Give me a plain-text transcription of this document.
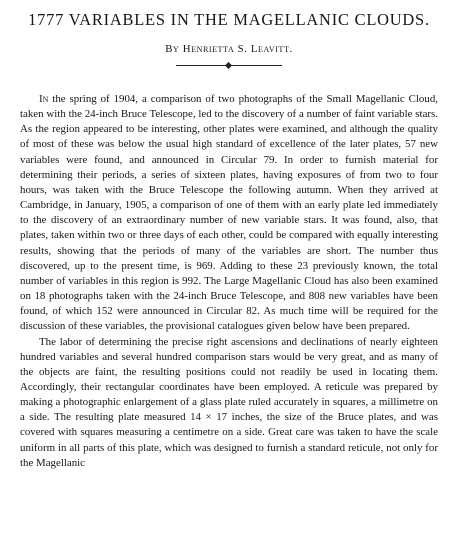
1777 VARIABLES IN THE MAGELLANIC CLOUDS.
By Henrietta S. Leavitt.

In the spring of 1904, a comparison of two photographs of the Small Magellanic Cloud, taken with the 24-inch Bruce Telescope, led to the discovery of a number of faint variable stars. As the region appeared to be interesting, other plates were examined, and although the quality of most of these was below the usual high standard of excellence of the later plates, 57 new variables were found, and announced in Circular 79. In order to furnish material for determining their periods, a series of sixteen plates, having exposures of from two to four hours, was taken with the Bruce Telescope the following autumn. When they arrived at Cambridge, in January, 1905, a comparison of one of them with an early plate led immediately to the discovery of an extraordinary number of new variable stars. It was found, also, that plates, taken within two or three days of each other, could be compared with equally interesting results, showing that the periods of many of the variables are short. The number thus discovered, up to the present time, is 969. Adding to these 23 previously known, the total number of variables in this region is 992. The Large Magellanic Cloud has also been examined on 18 photographs taken with the 24-inch Bruce Telescope, and 808 new variables have been found, of which 152 were announced in Circular 82. As much time will be required for the discussion of these variables, the provisional catalogues given below have been prepared.

The labor of determining the precise right ascensions and declinations of nearly eighteen hundred variables and several hundred comparison stars would be very great, and as many of the objects are faint, the resulting positions could not readily be used in locating them. Accordingly, their rectangular coordinates have been employed. A reticule was prepared by making a photographic enlargement of a glass plate ruled accurately in squares, a millimetre on a side. The resulting plate measured 14 × 17 inches, the size of the Bruce plates, and was covered with squares measuring a centimetre on a side. Great care was taken to have the scale uniform in all parts of this plate, which was designed to furnish a standard reticule, not only for the Magellanic
